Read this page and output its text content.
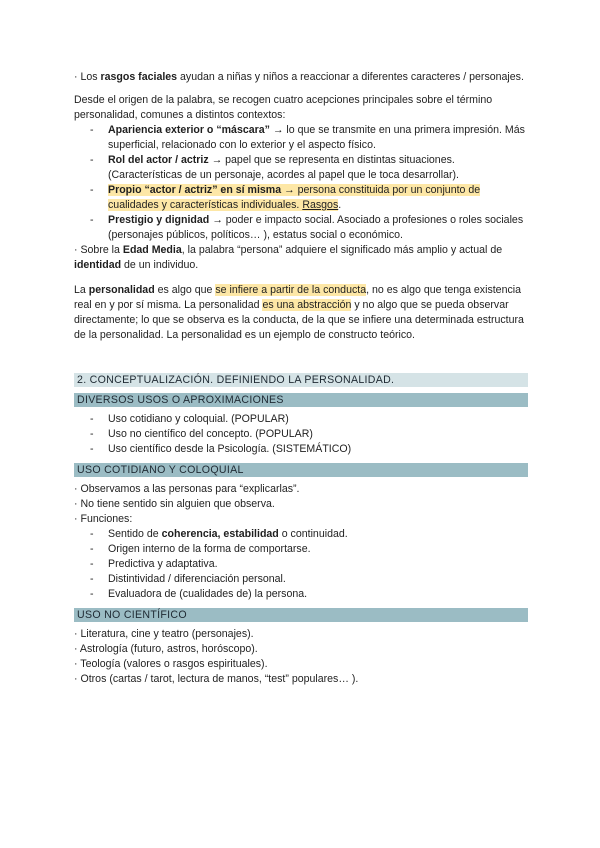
· Los rasgos faciales ayudan a niñas y niños a reaccionar a diferentes caracteres / personajes.

Desde el origen de la palabra, se recogen cuatro acepciones principales sobre el término personalidad, comunes a distintos contextos:

- Apariencia exterior o “máscara” → lo que se transmite en una primera impresión. Más superficial, relacionado con lo exterior y el aspecto físico.
- Rol del actor / actriz → papel que se representa en distintas situaciones. (Características de un personaje, acordes al papel que le toca desarrollar).
- Propio “actor / actriz” en sí misma → persona constituida por un conjunto de cualidades y características individuales. Rasgos.
- Prestigio y dignidad → poder e impacto social. Asociado a profesiones o roles sociales (personajes públicos, políticos… ), estatus social o económico.

· Sobre la Edad Media, la palabra “persona” adquiere el significado más amplio y actual de identidad de un individuo.

La personalidad es algo que se infiere a partir de la conducta, no es algo que tenga existencia real en y por sí misma. La personalidad es una abstracción y no algo que se pueda observar directamente; lo que se observa es la conducta, de la que se infiere una determinada estructura de la personalidad. La personalidad es un ejemplo de constructo teórico.

2. CONCEPTUALIZACIÓN. DEFINIENDO LA PERSONALIDAD.
DIVERSOS USOS O APROXIMACIONES
- Uso cotidiano y coloquial. (POPULAR)
- Uso no científico del concepto. (POPULAR)
- Uso científico desde la Psicología. (SISTEMÁTICO)
USO COTIDIANO Y COLOQUIAL

· Observamos a las personas para “explicarlas”.

· No tiene sentido sin alguien que observa.

· Funciones:

- Sentido de coherencia, estabilidad o continuidad.
- Origen interno de la forma de comportarse.
- Predictiva y adaptativa.
- Distintividad / diferenciación personal.
- Evaluadora de (cualidades de) la persona.
USO NO CIENTÍFICO

· Literatura, cine y teatro (personajes).

· Astrología (futuro, astros, horóscopo).

· Teología (valores o rasgos espirituales).

· Otros (cartas / tarot, lectura de manos, “test” populares… ).
